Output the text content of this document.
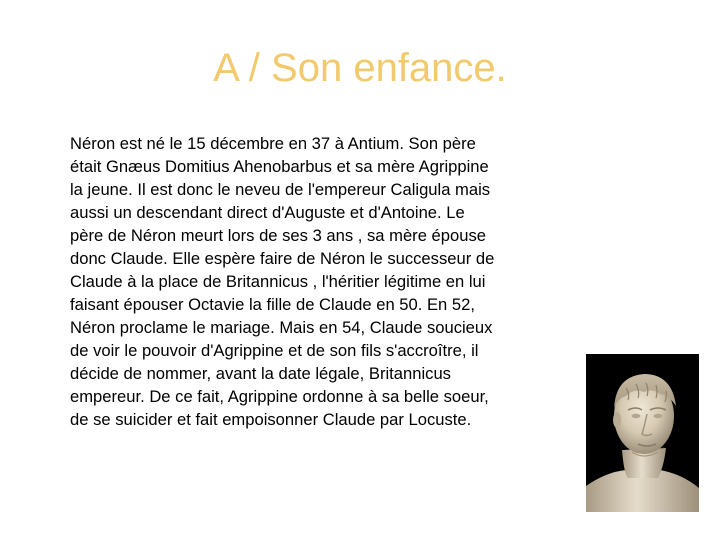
A / Son enfance.

Néron est né le 15 décembre en 37 à Antium. Son père
était Gnæus Domitius Ahenobarbus et sa mère Agrippine
la jeune. Il est donc le neveu de l'empereur Caligula mais
aussi un descendant direct d'Auguste et d'Antoine. Le
père de Néron meurt lors de ses 3 ans , sa mère épouse
donc Claude. Elle espère faire de Néron le successeur de
Claude à la place de Britannicus , l'héritier légitime en lui
faisant épouser Octavie la fille de Claude en 50. En 52,
Néron proclame le mariage. Mais en 54, Claude soucieux
de voir le pouvoir d'Agrippine et de son fils s'accroître, il
décide de nommer, avant la date légale, Britannicus
empereur. De ce fait, Agrippine ordonne à sa belle soeur,
de se suicider et fait empoisonner Claude par Locuste.
